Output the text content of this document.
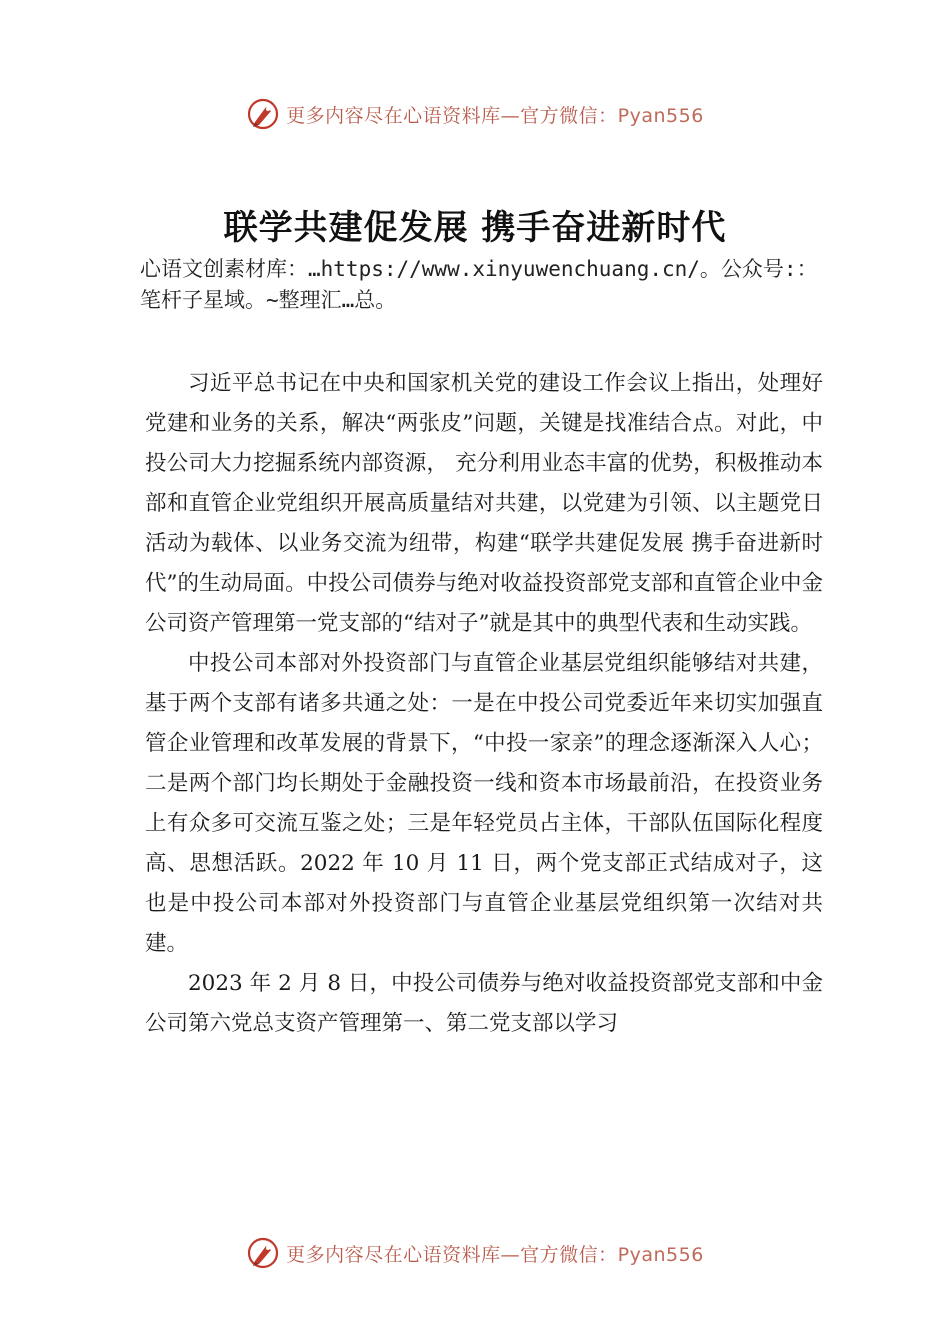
更多内容尽在心语资料库—官方微信：Pyan556
联学共建促发展 携手奋进新时代

心语文创素材库：…https://www.xinyuwenchuang.cn/。公众号:：笔杆子星域。~整理汇…总。

习近平总书记在中央和国家机关党的建设工作会议上指出，处理好党建和业务的关系，解决“两张皮”问题，关键是找准结合点。对此，中投公司大力挖掘系统内部资源， 充分利用业态丰富的优势，积极推动本部和直管企业党组织开展高质量结对共建，以党建为引领、以主题党日活动为载体、以业务交流为纽带，构建“联学共建促发展 携手奋进新时代”的生动局面。中投公司债券与绝对收益投资部党支部和直管企业中金公司资产管理第一党支部的“结对子”就是其中的典型代表和生动实践。

中投公司本部对外投资部门与直管企业基层党组织能够结对共建，基于两个支部有诸多共通之处：一是在中投公司党委近年来切实加强直管企业管理和改革发展的背景下，“中投一家亲”的理念逐渐深入人心；二是两个部门均长期处于金融投资一线和资本市场最前沿，在投资业务上有众多可交流互鉴之处；三是年轻党员占主体，干部队伍国际化程度高、思想活跃。2022 年 10 月 11 日，两个党支部正式结成对子，这也是中投公司本部对外投资部门与直管企业基层党组织第一次结对共建。

2023 年 2 月 8 日，中投公司债券与绝对收益投资部党支部和中金公司第六党总支资产管理第一、第二党支部以学习

更多内容尽在心语资料库—官方微信：Pyan556
